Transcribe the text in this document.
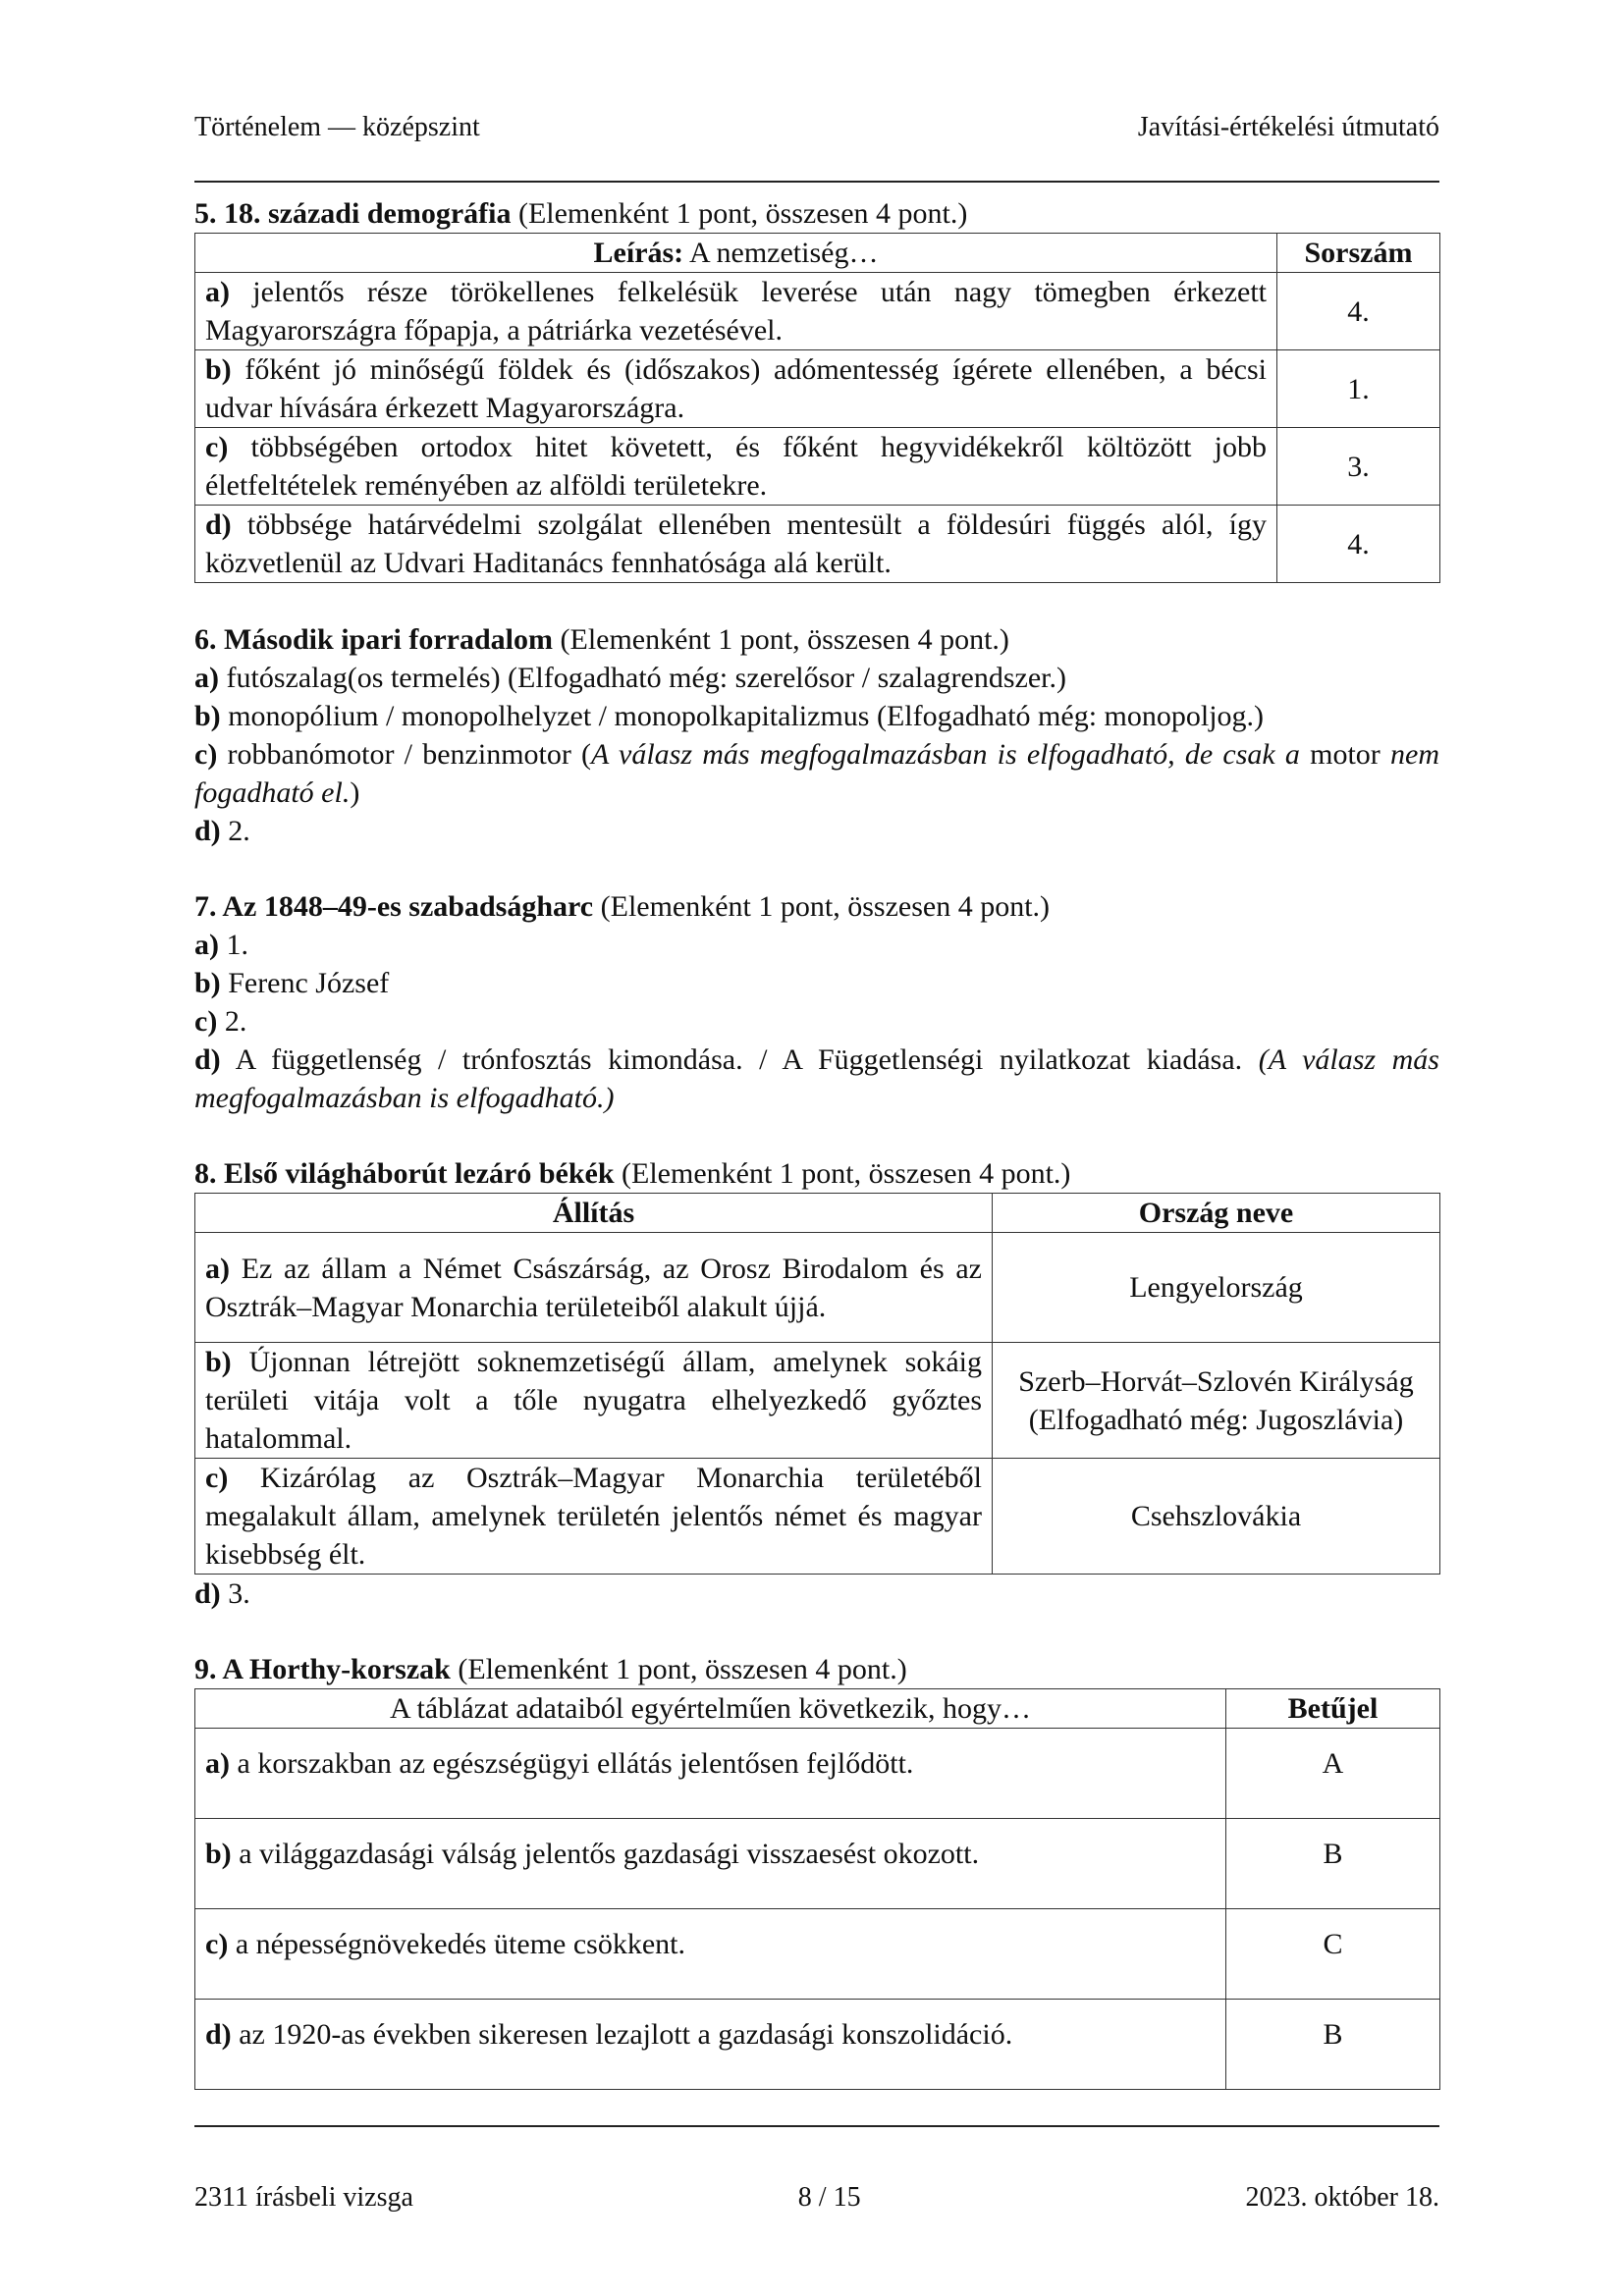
Történelem — középszint	Javítási-értékelési útmutató

5. 18. századi demográfia (Elemenként 1 pont, összesen 4 pont.)

Leírás: A nemzetiség…	Sorszám
a) jelentős része törökellenes felkelésük leverése után nagy tömegben érkezett Magyarországra főpapja, a pátriárka vezetésével.	4.
b) főként jó minőségű földek és (időszakos) adómentesség ígérete ellenében, a bécsi udvar hívására érkezett Magyarországra.	1.
c) többségében ortodox hitet követett, és főként hegyvidékekről költözött jobb életfeltételek reményében az alföldi területekre.	3.
d) többsége határvédelmi szolgálat ellenében mentesült a földesúri függés alól, így közvetlenül az Udvari Haditanács fennhatósága alá került.	4.

6. Második ipari forradalom (Elemenként 1 pont, összesen 4 pont.)

a) futószalag(os termelés) (Elfogadható még: szerelősor / szalagrendszer.)

b) monopólium / monopolhelyzet / monopolkapitalizmus (Elfogadható még: monopoljog.)

c) robbanómotor / benzinmotor (A válasz más megfogalmazásban is elfogadható, de csak a motor nem fogadható el.)

d) 2.

7. Az 1848–49-es szabadságharc (Elemenként 1 pont, összesen 4 pont.)

a) 1.

b) Ferenc József

c) 2.

d) A függetlenség / trónfosztás kimondása. / A Függetlenségi nyilatkozat kiadása. (A válasz más megfogalmazásban is elfogadható.)

8. Első világháborút lezáró békék (Elemenként 1 pont, összesen 4 pont.)

Állítás	Ország neve
a) Ez az állam a Német Császárság, az Orosz Birodalom és az Osztrák–Magyar Monarchia területeiből alakult újjá.	Lengyelország
b) Újonnan létrejött soknemzetiségű állam, amelynek sokáig területi vitája volt a tőle nyugatra elhelyezkedő győztes hatalommal.	Szerb–Horvát–Szlovén Királyság (Elfogadható még: Jugoszlávia)
c) Kizárólag az Osztrák–Magyar Monarchia területéből megalakult állam, amelynek területén jelentős német és magyar kisebbség élt.	Csehszlovákia

d) 3.

9. A Horthy-korszak (Elemenként 1 pont, összesen 4 pont.)

A táblázat adataiból egyértelműen következik, hogy…	Betűjel
a) a korszakban az egészségügyi ellátás jelentősen fejlődött.	A
b) a világgazdasági válság jelentős gazdasági visszaesést okozott.	B
c) a népességnövekedés üteme csökkent.	C
d) az 1920-as években sikeresen lezajlott a gazdasági konszolidáció.	B
2311 írásbeli vizsga	8 / 15	2023. október 18.
